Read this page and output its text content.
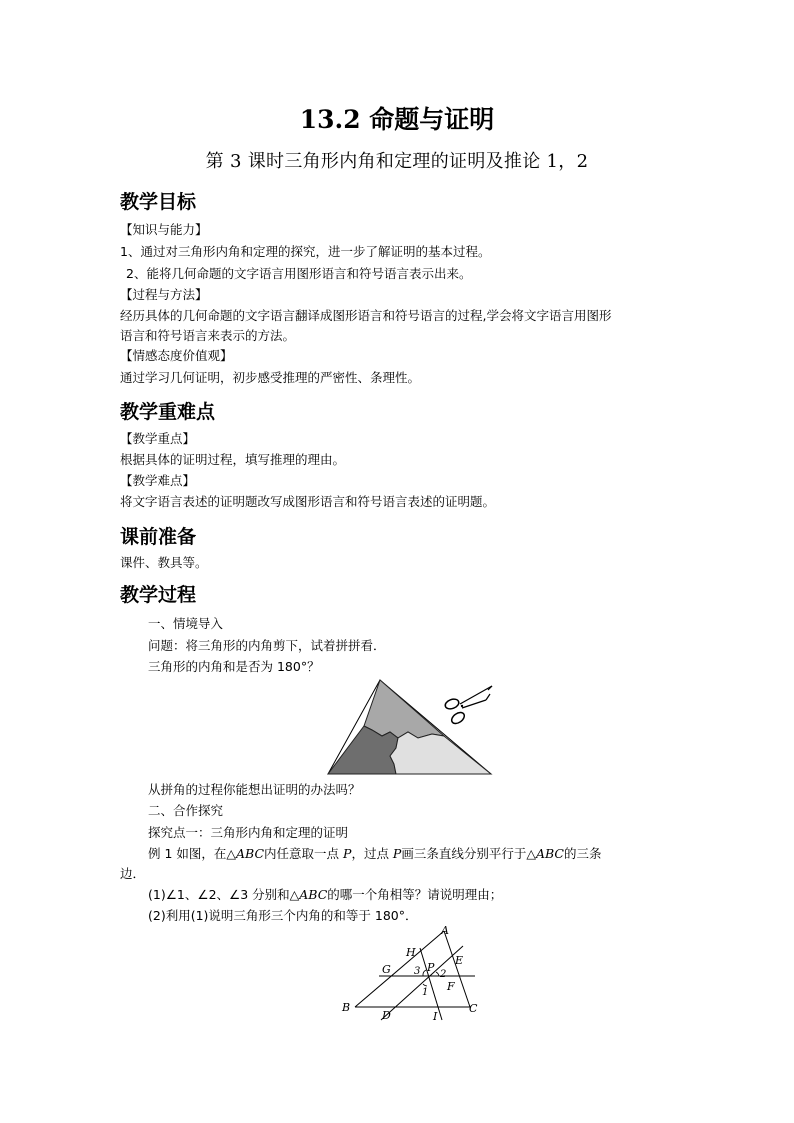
13.2 命题与证明
第 3 课时三角形内角和定理的证明及推论 1，2
教学目标
【知识与能力】
1、通过对三角形内角和定理的探究，进一步了解证明的基本过程。
2、能将几何命题的文字语言用图形语言和符号语言表示出来。
【过程与方法】
经历具体的几何命题的文字语言翻译成图形语言和符号语言的过程,学会将文字语言用图形
语言和符号语言来表示的方法。
【情感态度价值观】
通过学习几何证明，初步感受推理的严密性、条理性。
教学重难点
【教学重点】
根据具体的证明过程，填写推理的理由。
【教学难点】
将文字语言表述的证明题改写成图形语言和符号语言表述的证明题。
课前准备
课件、教具等。
教学过程
一、情境导入
问题：将三角形的内角剪下，试着拼拼看．
三角形的内角和是否为 180°？
从拼角的过程你能想出证明的办法吗？
二、合作探究
探究点一：三角形内角和定理的证明
例 1 如图，在△ABC内任意取一点 P，过点 P画三条直线分别平行于△ABC的三条
边．
(1)∠1、∠2、∠3 分别和△ABC的哪一个角相等？请说明理由；
(2)利用(1)说明三角形三个内角的和等于 180°．
A
B	C
D
E
F
G
H
I
P
1
2
3
